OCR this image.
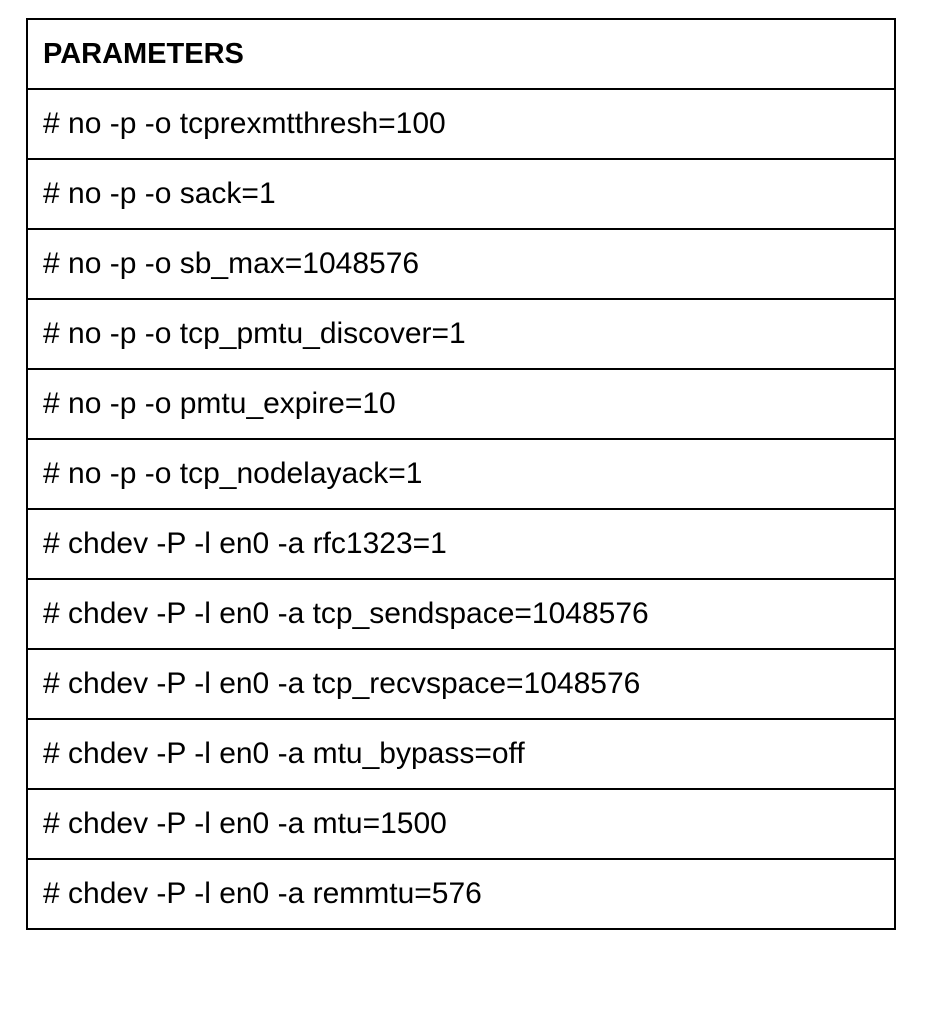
PARAMETERS
# no -p -o tcprexmtthresh=100
# no -p -o sack=1
# no -p -o sb_max=1048576
# no -p -o tcp_pmtu_discover=1
# no -p -o pmtu_expire=10
# no -p -o tcp_nodelayack=1
# chdev -P -l en0 -a rfc1323=1
# chdev -P -l en0 -a tcp_sendspace=1048576
# chdev -P -l en0 -a tcp_recvspace=1048576
# chdev -P -l en0 -a mtu_bypass=off
# chdev -P -l en0 -a mtu=1500
# chdev -P -l en0 -a remmtu=576
